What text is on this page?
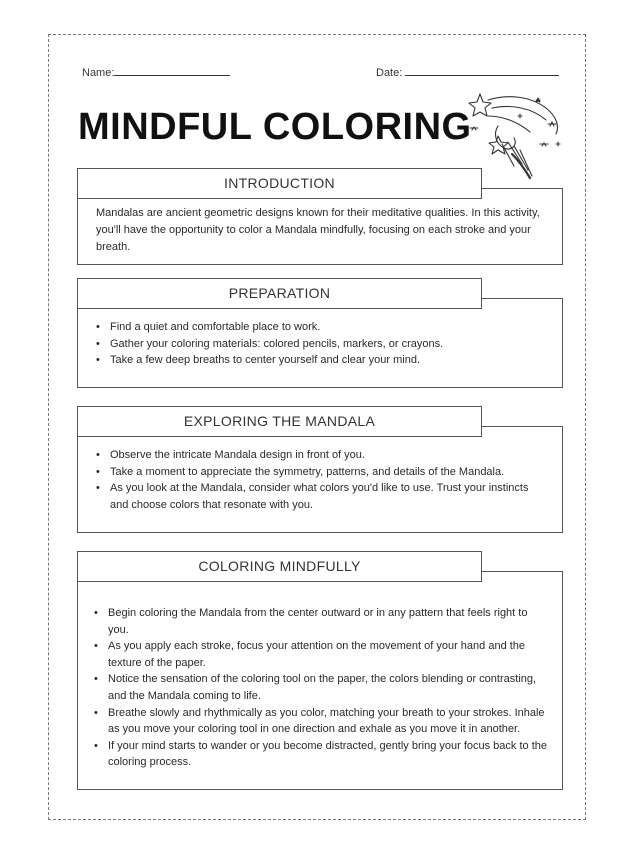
Name:	Date:
MINDFUL COLORING
INTRODUCTION

Mandalas are ancient geometric designs known for their meditative qualities. In this activity, you'll have the opportunity to color a Mandala mindfully, focusing on each stroke and your breath.

PREPARATION
• Find a quiet and comfortable place to work.
• Gather your coloring materials: colored pencils, markers, or crayons.
• Take a few deep breaths to center yourself and clear your mind.
EXPLORING THE MANDALA
• Observe the intricate Mandala design in front of you.
• Take a moment to appreciate the symmetry, patterns, and details of the Mandala.
• As you look at the Mandala, consider what colors you'd like to use. Trust your instincts and choose colors that resonate with you.
COLORING MINDFULLY
• Begin coloring the Mandala from the center outward or in any pattern that feels right to you.
• As you apply each stroke, focus your attention on the movement of your hand and the texture of the paper.
• Notice the sensation of the coloring tool on the paper, the colors blending or contrasting, and the Mandala coming to life.
• Breathe slowly and rhythmically as you color, matching your breath to your strokes. Inhale as you move your coloring tool in one direction and exhale as you move it in another.
• If your mind starts to wander or you become distracted, gently bring your focus back to the coloring process.
